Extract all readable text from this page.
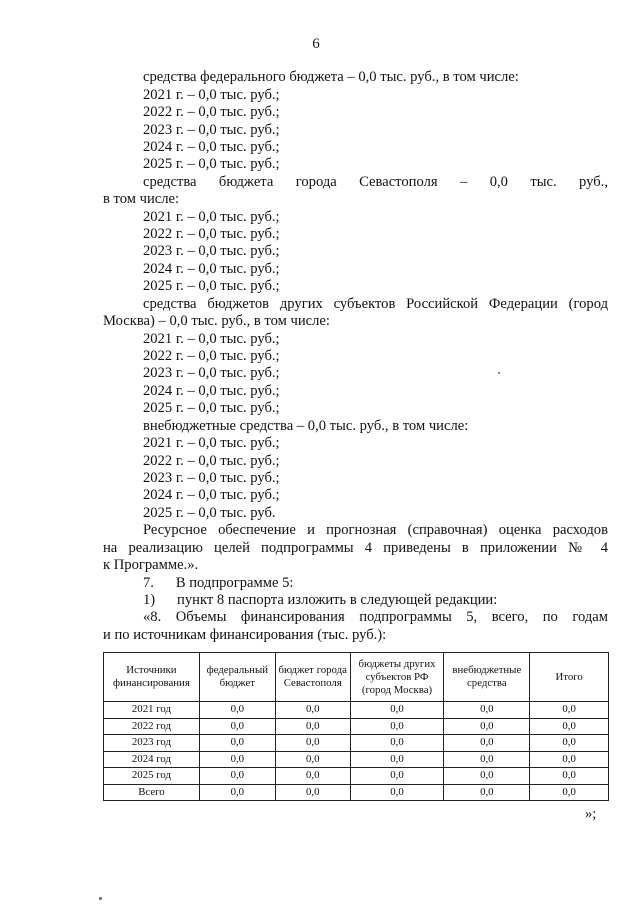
6
средства федерального бюджета – 0,0 тыс. руб., в том числе:
2021 г. – 0,0 тыс. руб.;
2022 г. – 0,0 тыс. руб.;
2023 г. – 0,0 тыс. руб.;
2024 г. – 0,0 тыс. руб.;
2025 г. – 0,0 тыс. руб.;
средства бюджета города Севастополя – 0,0 тыс. руб.,
в том числе:
2021 г. – 0,0 тыс. руб.;
2022 г. – 0,0 тыс. руб.;
2023 г. – 0,0 тыс. руб.;
2024 г. – 0,0 тыс. руб.;
2025 г. – 0,0 тыс. руб.;
средства бюджетов других субъектов Российской Федерации (город
Москва) – 0,0 тыс. руб., в том числе:
2021 г. – 0,0 тыс. руб.;
2022 г. – 0,0 тыс. руб.;
2023 г. – 0,0 тыс. руб.;
2024 г. – 0,0 тыс. руб.;
2025 г. – 0,0 тыс. руб.;
внебюджетные средства – 0,0 тыс. руб., в том числе:
2021 г. – 0,0 тыс. руб.;
2022 г. – 0,0 тыс. руб.;
2023 г. – 0,0 тыс. руб.;
2024 г. – 0,0 тыс. руб.;
2025 г. – 0,0 тыс. руб.
Ресурсное обеспечение и прогнозная (справочная) оценка расходов
на реализацию целей подпрограммы 4 приведены в приложении № 4
к Программе.».
7.      В подпрограмме 5:
1)      пункт 8 паспорта изложить в следующей редакции:
«8. Объемы финансирования подпрограммы 5, всего, по годам
и по источникам финансирования (тыс. руб.):
Источники финансирования	федеральный бюджет	бюджет города Севастополя	бюджеты других субъектов РФ (город Москва)	внебюджетные средства	Итого
2021 год	0,0	0,0	0,0	0,0	0,0
2022 год	0,0	0,0	0,0	0,0	0,0
2023 год	0,0	0,0	0,0	0,0	0,0
2024 год	0,0	0,0	0,0	0,0	0,0
2025 год	0,0	0,0	0,0	0,0	0,0
Всего	0,0	0,0	0,0	0,0	0,0
»;
